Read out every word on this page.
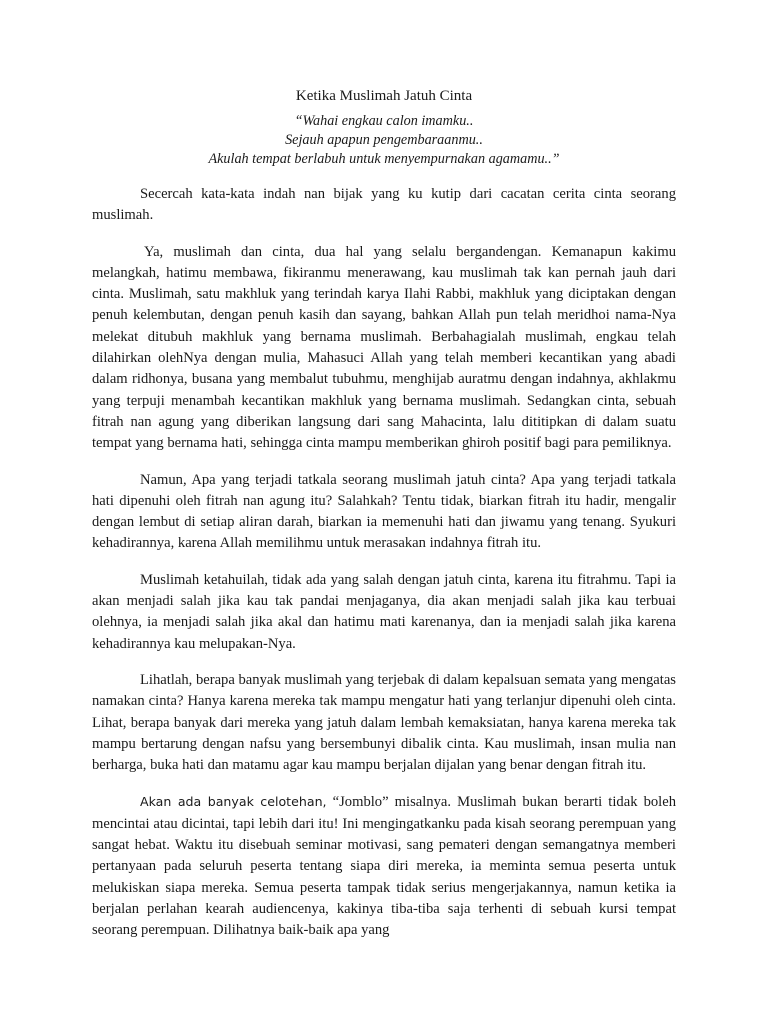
Ketika Muslimah Jatuh Cinta
“Wahai engkau calon imamku..
Sejauh apapun pengembaraanmu..
Akulah tempat berlabuh untuk menyempurnakan agamamu..”

Secercah kata-kata indah nan bijak yang ku kutip dari cacatan cerita cinta seorang muslimah.

Ya, muslimah dan cinta, dua hal yang selalu bergandengan. Kemanapun kakimu melangkah, hatimu membawa, fikiranmu menerawang, kau muslimah tak kan pernah jauh dari cinta. Muslimah, satu makhluk yang terindah karya Ilahi Rabbi, makhluk yang diciptakan dengan penuh kelembutan, dengan penuh kasih dan sayang, bahkan Allah pun telah meridhoi nama-Nya melekat ditubuh makhluk yang bernama muslimah. Berbahagialah muslimah, engkau telah dilahirkan olehNya dengan mulia, Mahasuci Allah yang telah memberi kecantikan yang abadi dalam ridhonya, busana yang membalut tubuhmu, menghijab auratmu dengan indahnya, akhlakmu yang terpuji menambah kecantikan makhluk yang bernama muslimah. Sedangkan cinta, sebuah fitrah nan agung yang diberikan langsung dari sang Mahacinta, lalu dititipkan di dalam suatu tempat yang bernama hati, sehingga cinta mampu memberikan ghiroh positif bagi para pemiliknya.

Namun, Apa yang terjadi tatkala seorang muslimah jatuh cinta? Apa yang terjadi tatkala hati dipenuhi oleh fitrah nan agung itu? Salahkah? Tentu tidak, biarkan fitrah itu hadir, mengalir dengan lembut di setiap aliran darah, biarkan ia memenuhi hati dan jiwamu yang tenang. Syukuri kehadirannya, karena Allah memilihmu untuk merasakan indahnya fitrah itu.

Muslimah ketahuilah, tidak ada yang salah dengan jatuh cinta, karena itu fitrahmu. Tapi ia akan menjadi salah jika kau tak pandai menjaganya, dia akan menjadi salah jika kau terbuai olehnya, ia menjadi salah jika akal dan hatimu mati karenanya, dan ia menjadi salah jika karena kehadirannya kau melupakan-Nya.

Lihatlah, berapa banyak muslimah yang terjebak di dalam kepalsuan semata yang mengatas namakan cinta? Hanya karena mereka tak mampu mengatur hati yang terlanjur dipenuhi oleh cinta. Lihat, berapa banyak dari mereka yang jatuh dalam lembah kemaksiatan, hanya karena mereka tak mampu bertarung dengan nafsu yang bersembunyi dibalik cinta. Kau muslimah, insan mulia nan berharga, buka hati dan matamu agar kau mampu berjalan dijalan yang benar dengan fitrah itu.

Akan ada banyak celotehan, “Jomblo” misalnya. Muslimah bukan berarti tidak boleh mencintai atau dicintai, tapi lebih dari itu! Ini mengingatkanku pada kisah seorang perempuan yang sangat hebat. Waktu itu disebuah seminar motivasi, sang pemateri dengan semangatnya memberi pertanyaan pada seluruh peserta tentang siapa diri mereka, ia meminta semua peserta untuk melukiskan siapa mereka. Semua peserta tampak tidak serius mengerjakannya, namun ketika ia berjalan perlahan kearah audiencenya, kakinya tiba-tiba saja terhenti di sebuah kursi tempat seorang perempuan. Dilihatnya baik-baik apa yang
